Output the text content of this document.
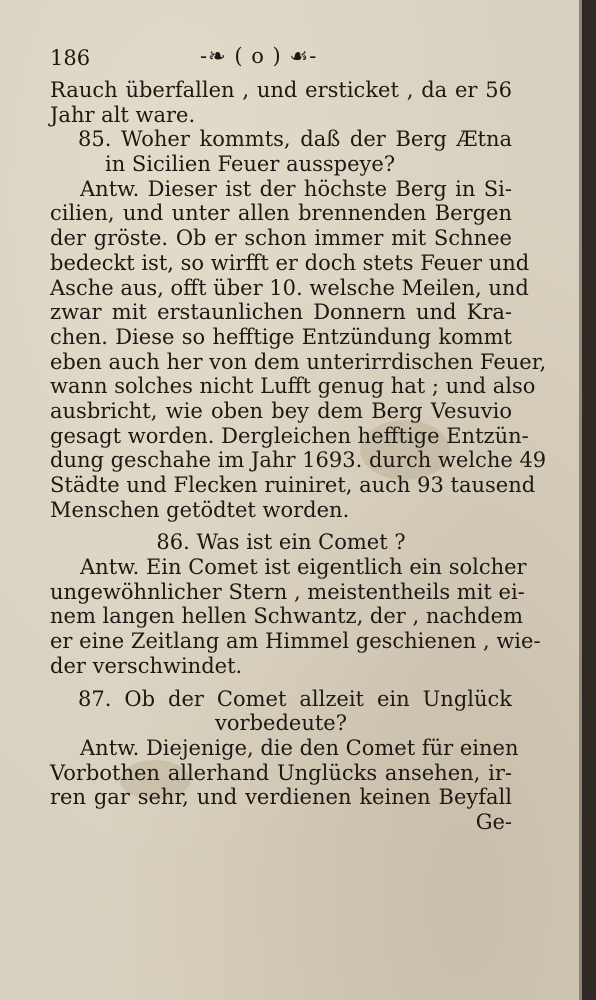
186	-❧ ( o ) ☙-
Rauch überfallen , und ersticket , da er 56
Jahr alt ware.
85. Woher kommts, daß der Berg Ætna
in Sicilien Feuer ausspeye?
Antw. Dieser ist der höchste Berg in Si-
cilien, und unter allen brennenden Bergen
der gröste. Ob er schon immer mit Schnee
bedeckt ist, so wirfft er doch stets Feuer und
Asche aus, offt über 10. welsche Meilen, und
zwar mit erstaunlichen Donnern und Kra-
chen. Diese so hefftige Entzündung kommt
eben auch her von dem unterirrdischen Feuer,
wann solches nicht Lufft genug hat ; und also
ausbricht, wie oben bey dem Berg Vesuvio
gesagt worden. Dergleichen hefftige Entzün-
dung geschahe im Jahr 1693. durch welche 49
Städte und Flecken ruiniret, auch 93 tausend
Menschen getödtet worden.
86. Was ist ein Comet ?
Antw. Ein Comet ist eigentlich ein solcher
ungewöhnlicher Stern , meistentheils mit ei-
nem langen hellen Schwantz, der , nachdem
er eine Zeitlang am Himmel geschienen , wie-
der verschwindet.
87. Ob der Comet allzeit ein Unglück
vorbedeute?
Antw. Diejenige, die den Comet für einen
Vorbothen allerhand Unglücks ansehen, ir-
ren gar sehr, und verdienen keinen Beyfall
Ge-
